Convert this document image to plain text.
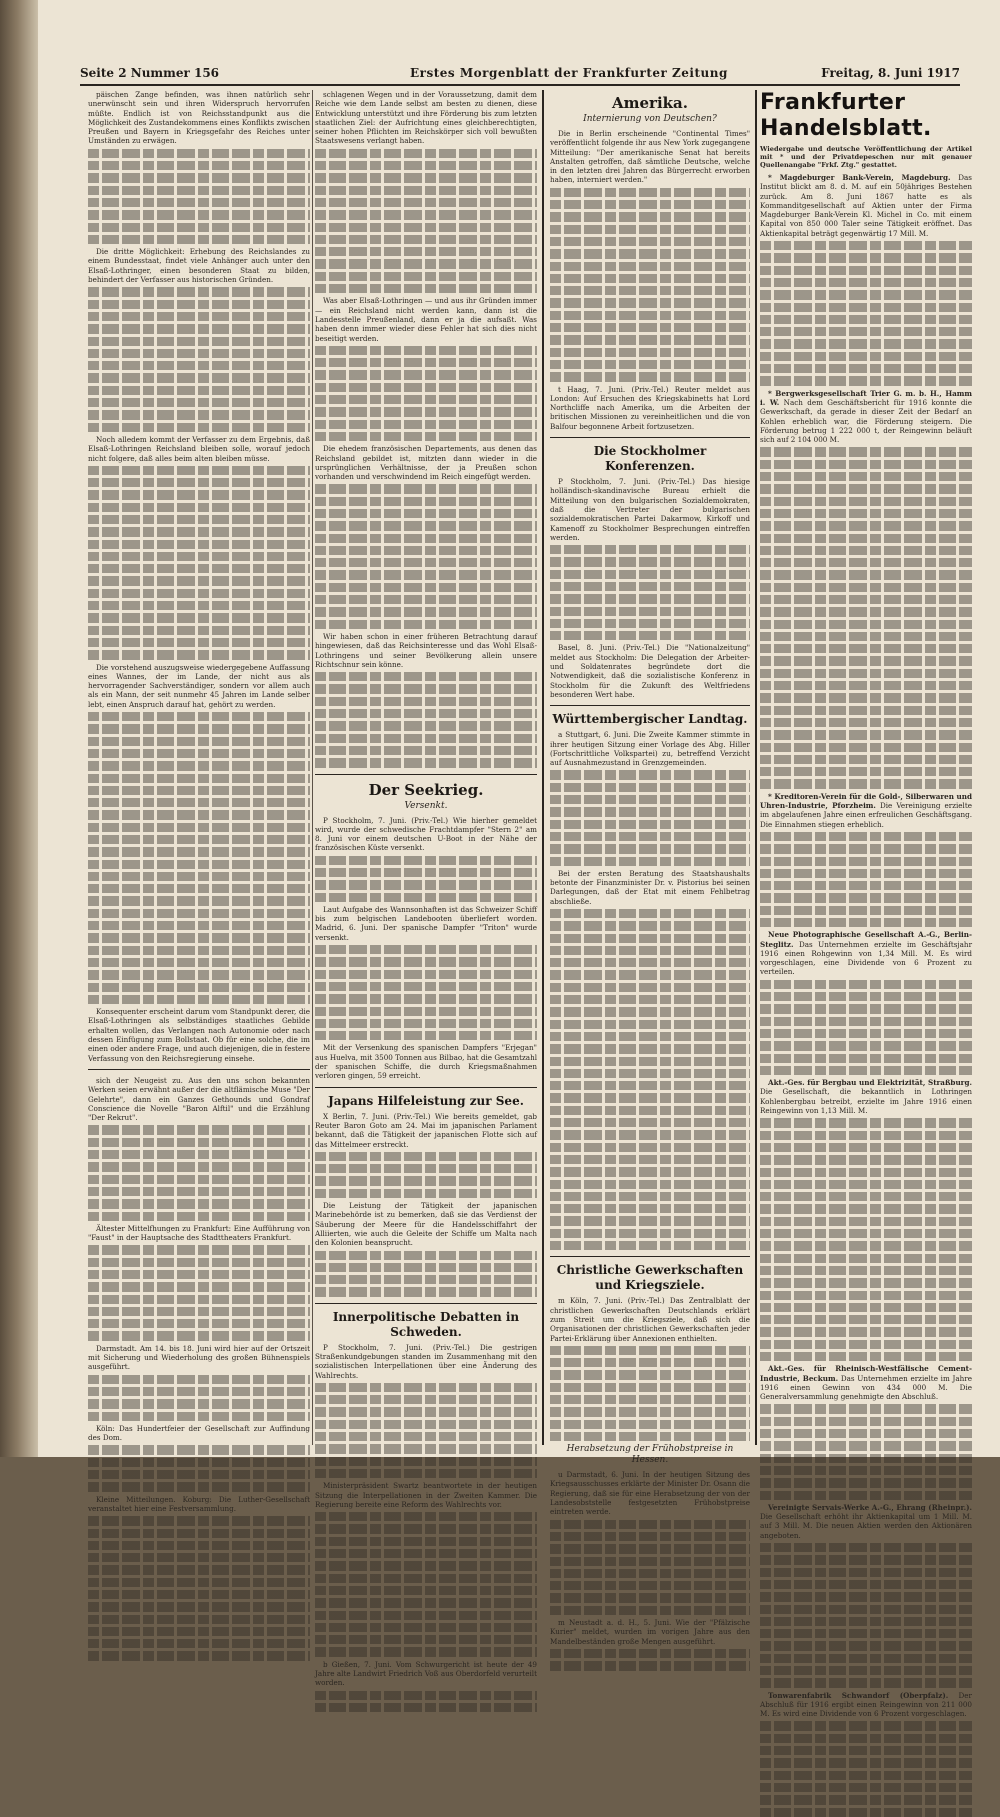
Seite 2 Nummer 156	Erstes Morgenblatt der Frankfurter Zeitung	Freitag, 8. Juni 1917

päischen Zange befinden, was ihnen natürlich sehr unerwünscht sein und ihren Widerspruch hervorrufen müßte. Endlich ist von Reichsstandpunkt aus die Möglichkeit des Zustandekommens eines Konflikts zwischen Preußen und Bayern in Kriegsgefahr des Reiches unter Umständen zu erwägen.

Die dritte Möglichkeit: Erhebung des Reichslandes zu einem Bundesstaat, findet viele Anhänger auch unter den Elsaß-Lothringer, einen besonderen Staat zu bilden, behindert der Verfasser aus historischen Gründen.

Noch alledem kommt der Verfasser zu dem Ergebnis, daß Elsaß-Lothringen Reichsland bleiben solle, worauf jedoch nicht folgere, daß alles beim alten bleiben müsse.

Die vorstehend auszugsweise wiedergegebene Auffassung eines Wannes, der im Lande, der nicht aus als hervorragender Sachverständiger, sondern vor allem auch als ein Mann, der seit nunmehr 45 Jahren im Lande selber lebt, einen Anspruch darauf hat, gehört zu werden.

Konsequenter erscheint darum vom Standpunkt derer, die Elsaß-Lothringen als selbständiges staatliches Gebilde erhalten wollen, das Verlangen nach Autonomie oder nach dessen Einfügung zum Bollstaat. Ob für eine solche, die im einen oder andere Frage, und auch diejenigen, die in festere Verfassung von den Reichsregierung einsehe.

sich der Neugeist zu. Aus den uns schon bekannten Werken seien erwähnt außer der die altflämische Muse "Der Gelehrte", dann ein Ganzes Gethounds und Gondraf Conscience die Novelle "Baron Alftil" und die Erzählung "Der Rekrut".

Ältester Mittelfhungen zu Frankfurt: Eine Aufführung von "Faust" in der Hauptsache des Stadttheaters Frankfurt.

Darmstadt. Am 14. bis 18. Juni wird hier auf der Ortszeit mit Sicherung und Wiederholung des großen Bühnenspiels ausgeführt.

Köln: Das Hundertfeier der Gesellschaft zur Auffindung des Dom.

Kleine Mitteilungen. Koburg: Die Luther-Gesellschaft veranstaltet hier eine Festversammlung.

schlagenen Wegen und in der Voraussetzung, damit dem Reiche wie dem Lande selbst am besten zu dienen, diese Entwicklung unterstützt und ihre Förderung bis zum letzten staatlichen Ziel: der Aufrichtung eines gleichberechtigten, seiner hohen Pflichten im Reichskörper sich voll bewußten Staatswesens verlangt haben.

Was aber Elsaß-Lothringen — und aus ihr Gründen immer — ein Reichsland nicht werden kann, dann ist die Landesstelle Preußenland, dann er ja die aufsaßt. Was haben denn immer wieder diese Fehler hat sich dies nicht beseitigt werden.

Die ehedem französischen Departements, aus denen das Reichsland gebildet ist, mitzten dann wieder in die ursprünglichen Verhältnisse, der ja Preußen schon vorhanden und verschwindend im Reich eingefügt werden.

Wir haben schon in einer früheren Betrachtung darauf hingewiesen, daß das Reichsinteresse und das Wohl Elsaß-Lothringens und seiner Bevölkerung allein unsere Richtschnur sein könne.

Der Seekrieg.
Versenkt.

P Stockholm, 7. Juni. (Priv.-Tel.) Wie hierher gemeldet wird, wurde der schwedische Frachtdampfer "Stern 2" am 8. Juni vor einem deutschen U-Boot in der Nähe der französischen Küste versenkt.

Laut Aufgabe des Wannsonhaften ist das Schweizer Schiff bis zum belgischen Landebooten überliefert worden. Madrid, 6. Juni. Der spanische Dampfer "Triton" wurde versenkt.

Mit der Versenkung des spanischen Dampfers "Erjegan" aus Huelva, mit 3500 Tonnen aus Bilbao, hat die Gesamtzahl der spanischen Schiffe, die durch Kriegsmaßnahmen verloren gingen, 59 erreicht.

Japans Hilfeleistung zur See.

X Berlin, 7. Juni. (Priv.-Tel.) Wie bereits gemeldet, gab Reuter Baron Goto am 24. Mai im japanischen Parlament bekannt, daß die Tätigkeit der japanischen Flotte sich auf das Mittelmeer erstreckt.

Die Leistung der Tätigkeit der japanischen Marinebehörde ist zu bemerken, daß sie das Verdienst der Säuberung der Meere für die Handelsschiffahrt der Alliierten, wie auch die Geleite der Schiffe um Malta nach den Kolonien beansprucht.

Innerpolitische Debatten in Schweden.

P Stockholm, 7. Juni. (Priv.-Tel.) Die gestrigen Straßenkundgebungen standen im Zusammenhang mit den sozialistischen Interpellationen über eine Änderung des Wahlrechts.

Ministerpräsident Swartz beantwortete in der heutigen Sitzung die Interpellationen in der Zweiten Kammer. Die Regierung bereite eine Reform des Wahlrechts vor.

b Gießen, 7. Juni. Vom Schwurgericht ist heute der 49 Jahre alte Landwirt Friedrich Voß aus Oberdorfeld verurteilt worden.

Amerika.
Internierung von Deutschen?

Die in Berlin erscheinende "Continental Times" veröffentlicht folgende ihr aus New York zugegangene Mitteilung: "Der amerikanische Senat hat bereits Anstalten getroffen, daß sämtliche Deutsche, welche in den letzten drei Jahren das Bürgerrecht erworben haben, interniert werden."

t Haag, 7. Juni. (Priv.-Tel.) Reuter meldet aus London: Auf Ersuchen des Kriegskabinetts hat Lord Northcliffe nach Amerika, um die Arbeiten der britischen Missionen zu vereinheitlichen und die von Balfour begonnene Arbeit fortzusetzen.

Die Stockholmer Konferenzen.

P Stockholm, 7. Juni. (Priv.-Tel.) Das hiesige holländisch-skandinavische Bureau erhielt die Mitteilung von den bulgarischen Sozialdemokraten, daß die Vertreter der bulgarischen sozialdemokratischen Partei Dakarmow, Kirkoff und Kamenoff zu Stockholmer Besprechungen eintreffen werden.

Basel, 8. Juni. (Priv.-Tel.) Die "Nationalzeitung" meldet aus Stockholm: Die Delegation der Arbeiter- und Soldatenrates begründete dort die Notwendigkeit, daß die sozialistische Konferenz in Stockholm für die Zukunft des Weltfriedens besonderen Wert habe.

Württembergischer Landtag.

a Stuttgart, 6. Juni. Die Zweite Kammer stimmte in ihrer heutigen Sitzung einer Vorlage des Abg. Hiller (Fortschrittliche Volkspartei) zu, betreffend Verzicht auf Ausnahmezustand in Grenzgemeinden.

Bei der ersten Beratung des Staatshaushalts betonte der Finanzminister Dr. v. Pistorius bei seinen Darlegungen, daß der Etat mit einem Fehlbetrag abschließe.

Christliche Gewerkschaften und Kriegsziele.

m Köln, 7. Juni. (Priv.-Tel.) Das Zentralblatt der christlichen Gewerkschaften Deutschlands erklärt zum Streit um die Kriegsziele, daß sich die Organisationen der christlichen Gewerkschaften jeder Partei-Erklärung über Annexionen enthielten.

Herabsetzung der Frühobstpreise in Hessen.

u Darmstadt, 6. Juni. In der heutigen Sitzung des Kriegsausschusses erklärte der Minister Dr. Osann die Regierung, daß sie für eine Herabsetzung der von der Landesobststelle festgesetzten Frühobstpreise eintreten werde.

m Neustadt a. d. H., 5. Juni. Wie der "Pfälzische Kurier" meldet, wurden im vorigen Jahre aus den Mandelbeständen große Mengen ausgeführt.

Frankfurter Handelsblatt.

Wiedergabe und deutsche Veröffentlichung der Artikel mit * und der Privatdepeschen nur mit genauer Quellenangabe "Frkf. Ztg." gestattet.

* Magdeburger Bank-Verein, Magdeburg. Das Institut blickt am 8. d. M. auf ein 50jähriges Bestehen zurück. Am 8. Juni 1867 hatte es als Kommanditgesellschaft auf Aktien unter der Firma Magdeburger Bank-Verein Kl. Michel in Co. mit einem Kapital von 850 000 Taler seine Tätigkeit eröffnet. Das Aktienkapital beträgt gegenwärtig 17 Mill. M.

* Bergwerksgesellschaft Trier G. m. b. H., Hamm i. W. Nach dem Geschäftsbericht für 1916 konnte die Gewerkschaft, da gerade in dieser Zeit der Bedarf an Kohlen erheblich war, die Förderung steigern. Die Förderung betrug 1 222 000 t, der Reingewinn beläuft sich auf 2 104 000 M.

* Kreditoren-Verein für die Gold-, Silberwaren und Uhren-Industrie, Pforzheim. Die Vereinigung erzielte im abgelaufenen Jahre einen erfreulichen Geschäftsgang. Die Einnahmen stiegen erheblich.

Neue Photographische Gesellschaft A.-G., Berlin-Steglitz. Das Unternehmen erzielte im Geschäftsjahr 1916 einen Rohgewinn von 1,34 Mill. M. Es wird vorgeschlagen, eine Dividende von 6 Prozent zu verteilen.

Akt.-Ges. für Bergbau und Elektrizität, Straßburg. Die Gesellschaft, die bekanntlich in Lothringen Kohlenbergbau betreibt, erzielte im Jahre 1916 einen Reingewinn von 1,13 Mill. M.

Akt.-Ges. für Rheinisch-Westfälische Cement-Industrie, Beckum. Das Unternehmen erzielte im Jahre 1916 einen Gewinn von 434 000 M. Die Generalversammlung genehmigte den Abschluß.

Vereinigte Servais-Werke A.-G., Ehrang (Rheinpr.). Die Gesellschaft erhöht ihr Aktienkapital um 1 Mill. M. auf 3 Mill. M. Die neuen Aktien werden den Aktionären angeboten.

Tonwarenfabrik Schwandorf (Oberpfalz). Der Abschluß für 1916 ergibt einen Reingewinn von 211 000 M. Es wird eine Dividende von 6 Prozent vorgeschlagen.
